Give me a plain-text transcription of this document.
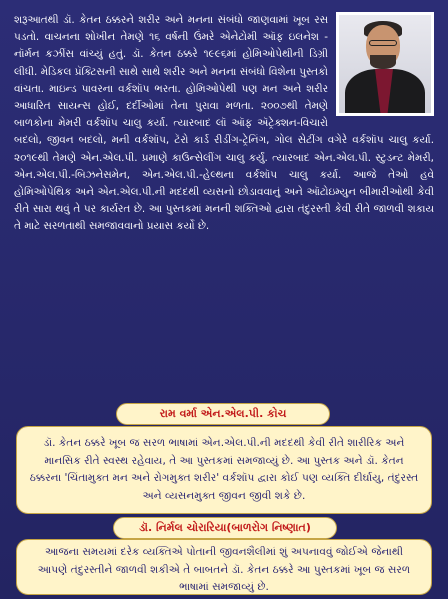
શરૂઆતથી ડૉ. કેતન ઠક્કરને શરીર અને મનના સંબંધો જાણવામાં ખૂબ રસ પડતો. વાચનના શોખીન તેમણે ૧૬ વર્ષની ઉંમરે એનેટોમી ઑફ ઇલનેશ - નૉર્મન કઝીંસ વાંચ્યું હતું. ડૉ. કેતન ઠક્કરે ૧૯૯૬માં હોમિઓપેથીની ડિગ્રી લીધી. મેડિકલ પ્રૅક્ટિસની સાથે સાથે શરીર અને મનના સંબંધો વિશેના પુસ્તકો વાંચતા. માઇન્ડ પાવરના વર્કશૉપ ભરતા. હોમિઓપેથી પણ મન અને શરીર આધારિત સાયન્સ હોઈ, દર્દીઓમાં તેના પુરાવા મળતા. ૨૦૦૭થી તેમણે બાળકોના મેમરી વર્કશૉપ ચાલુ કર્યા. ત્યારબાદ લૉ ઑફ ઍટ્રેક્શન-વિચારો બદલો, જીવન બદલો, મની વર્કશૉપ, ટૅરો કાર્ડ રીડીંગ-ટ્રેનિંગ, ગોલ સેટીંગ વગેરે વર્કશૉપ ચાલુ કર્યા. ૨૦૧૯થી તેમણે એન.એલ.પી. પ્રમાણે કાઉન્સેલીંગ ચાલુ કર્યું. ત્યારબાદ એન.એલ.પી. સ્ટુડન્ટ મેમરી, એન.એલ.પી.-બિઝનેસમેન, એન.એલ.પી.-હેલ્થના વર્કશૉપ ચાલુ કર્યા. આજે તેઓ હવે હોમિઓપેથિક અને એન.એલ.પી.ની મદદથી વ્યસનો છોડાવવાનું અને ઑટોઇમ્યુન બીમારીઓથી કેવી રીતે સારા થવું તે પર કાર્યરત છે. આ પુસ્તકમાં મનની શક્તિઓ દ્વારા તંદુરસ્તી કેવી રીતે જાળવી શકાય તે માટે સરળતાથી સમજાવવાનો પ્રયાસ કર્યો છે.

રામ વર્મા એન.એલ.પી. કોચ

ડૉ. કેતન ઠક્કરે ખૂબ જ સરળ ભાષામાં એન.એલ.પી.ની મદદથી કેવી રીતે શારીરિક અને માનસિક રીતે સ્વસ્થ રહેવાય, તે આ પુસ્તકમાં સમજાવ્યું છે. આ પુસ્તક અને ડૉ. કેતન ઠક્કરના 'ચિંતામુક્ત મન અને રોગમુક્ત શરીર' વર્કશૉપ દ્વારા કોઈ પણ વ્યક્તિ દીર્ઘાયુ, તંદુરસ્ત અને વ્યસનમુક્ત જીવન જીવી શકે છે.

ડૉ. નિર્મલ ચોરારિયા(બાળરોગ નિષ્ણાત)

આજના સમયમાં દરેક વ્યક્તિએ પોતાની જીવનશૈલીમાં શું અપનાવવું જોઈએ જેનાથી આપણે તંદુરસ્તીને જાળવી શકીએ તે બાબતને ડૉ. કેતન ઠક્કરે આ પુસ્તકમાં ખૂબ જ સરળ ભાષામાં સમજાવ્યું છે.
